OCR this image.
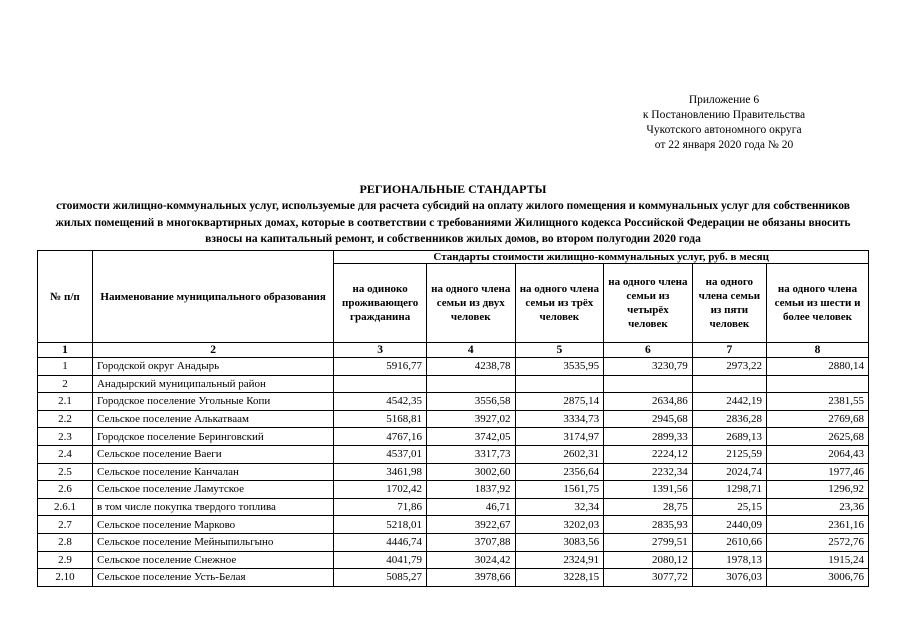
Приложение 6
к Постановлению Правительства
Чукотского автономного округа
от 22 января 2020 года № 20
РЕГИОНАЛЬНЫЕ СТАНДАРТЫ
стоимости жилищно-коммунальных услуг, используемые для расчета субсидий на оплату жилого помещения и коммунальных услуг для собственников жилых помещений в многоквартирных домах, которые в соответствии с требованиями Жилищного кодекса Российской Федерации не обязаны вносить взносы на капитальный ремонт, и собственников жилых домов, во втором полугодии 2020 года
№ п/п	Наименование муниципального образования	Стандарты стоимости жилищно-коммунальных услуг, руб. в месяц					
		на одиноко проживающего гражданина	на одного члена семьи из двух человек	на одного члена семьи из трёх человек	на одного члена семьи из четырёх человек	на одного члена семьи из пяти человек	на одного члена семьи из шести и более человек
1	2	3	4	5	6	7	8
1	Городской округ Анадырь	5916,77	4238,78	3535,95	3230,79	2973,22	2880,14
2	Анадырский муниципальный район						
2.1	Городское поселение Угольные Копи	4542,35	3556,58	2875,14	2634,86	2442,19	2381,55
2.2	Сельское поселение Алькатваам	5168,81	3927,02	3334,73	2945,68	2836,28	2769,68
2.3	Городское поселение Беринговский	4767,16	3742,05	3174,97	2899,33	2689,13	2625,68
2.4	Сельское поселение Ваеги	4537,01	3317,73	2602,31	2224,12	2125,59	2064,43
2.5	Сельское поселение Канчалан	3461,98	3002,60	2356,64	2232,34	2024,74	1977,46
2.6	Сельское поселение Ламутское	1702,42	1837,92	1561,75	1391,56	1298,71	1296,92
2.6.1	в том числе покупка твердого топлива	71,86	46,71	32,34	28,75	25,15	23,36
2.7	Сельское поселение Марково	5218,01	3922,67	3202,03	2835,93	2440,09	2361,16
2.8	Сельское поселение Мейныпильгыно	4446,74	3707,88	3083,56	2799,51	2610,66	2572,76
2.9	Сельское поселение Снежное	4041,79	3024,42	2324,91	2080,12	1978,13	1915,24
2.10	Сельское поселение Усть-Белая	5085,27	3978,66	3228,15	3077,72	3076,03	3006,76
